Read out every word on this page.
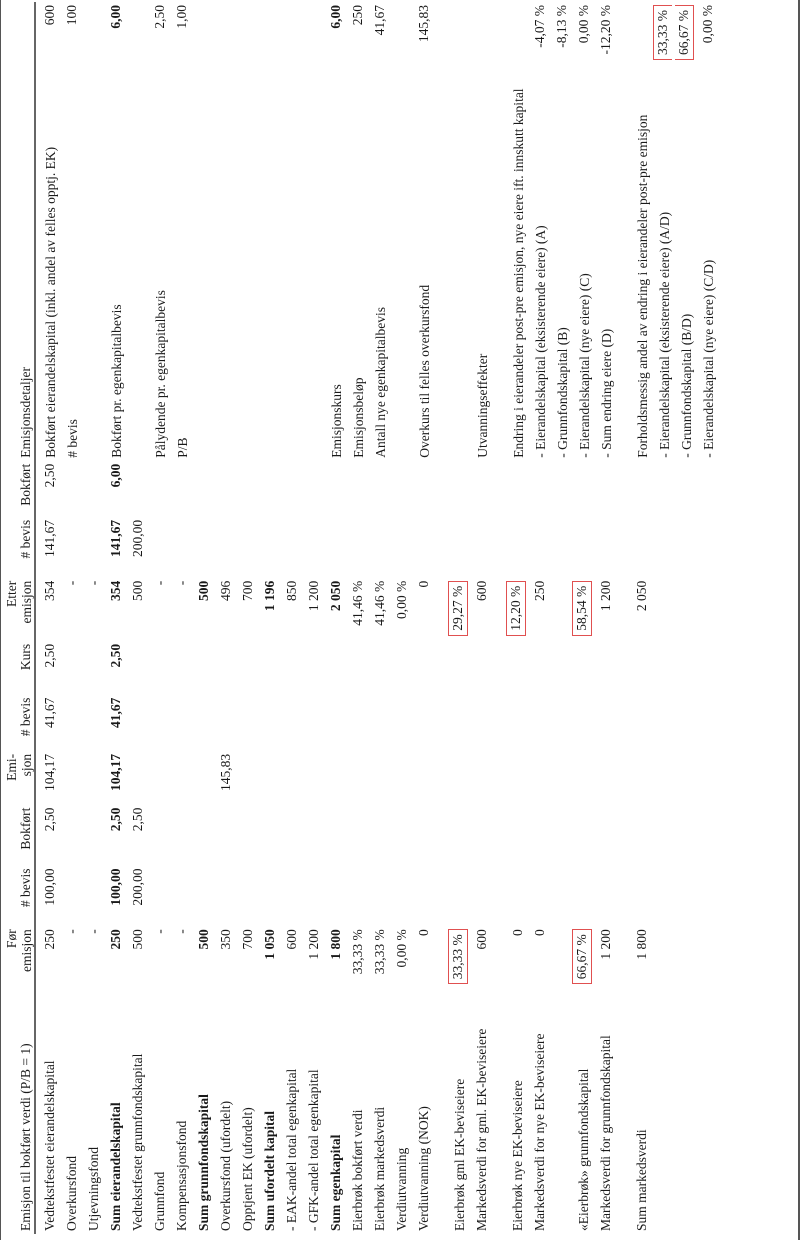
Emisjon til bokført verdi (P/B = 1)	Før emisjon	# bevis	Bokført	Emi- sjon	# bevis	Kurs	Etter emisjon	# bevis	Bokført	Emisjonsdetaljer	
Vedtekstfestet eierandelskapital	250	100,00	2,50	104,17	41,67	2,50	354	141,67	2,50	Bokført eierandelskapital (inkl. andel av felles opptj. EK)	600
Overkursfond	-						-			# bevis	100
Utjevningsfond	-						-				
Sum eierandelskapital	250	100,00	2,50	104,17	41,67	2,50	354	141,67	6,00	Bokført pr. egenkapitalbevis	6,00
Vedtekstfestet grunnfondskapital	500	200,00	2,50				500	200,00			
Grunnfond	-						-			Pålydende pr. egenkapitalbevis	2,50
Kompensasjonsfond	-						-			P/B	1,00
Sum grunnfondskapital	500						500				
Overkursfond (ufordelt)	350			145,83			496				
Opptjent EK (ufordelt)	700						700				
Sum ufordelt kapital	1 050						1 196				
- EAK-andel total egenkapital	600						850				
- GFK-andel total egenkapital	1 200						1 200				
Sum egenkapital	1 800						2 050			Emisjonskurs	6,00
Eierbrøk bokført verdi	33,33 %						41,46 %			Emisjonsbeløp	250
Eierbrøk markedsverdi	33,33 %						41,46 %			Antall nye egenkapitalbevis	41,67
Verdiutvanning	0,00 %						0,00 %				
Verdiutvanning (NOK)	0						0			Overkurs til felles overkursfond	145,83

Eierbrøk gml EK-beviseiere	33,33 %						29,27 %				
Markedsverdi for gml. EK-beviseiere	600						600			Utvanningseffekter	

Eierbrøk nye EK-beviseiere	0						12,20 %			Endring i eierandeler post-pre emisjon, nye eiere ift. innskutt kapital	
Markedsverdi for nye EK-beviseiere	0						250			- Eierandelskapital (eksisterende eiere) (A)	-4,07 %
										- Grunnfondskapital (B)	-8,13 %
«Eierbrøk» grunnfondskapital	66,67 %						58,54 %			- Eierandelskapital (nye eiere) (C)	0,00 %
Markedsverdi for grunnfondskapital	1 200						1 200			- Sum endring eiere (D)	-12,20 %

Sum markedsverdi	1 800						2 050			Forholdsmessig andel av endring i eierandeler post-pre emisjon	
										- Eierandelskapital (eksisterende eiere) (A/D)	33,33 %
										- Grunnfondskapital (B/D)	66,67 %
										- Eierandelskapital (nye eiere) (C/D)	0,00 %
